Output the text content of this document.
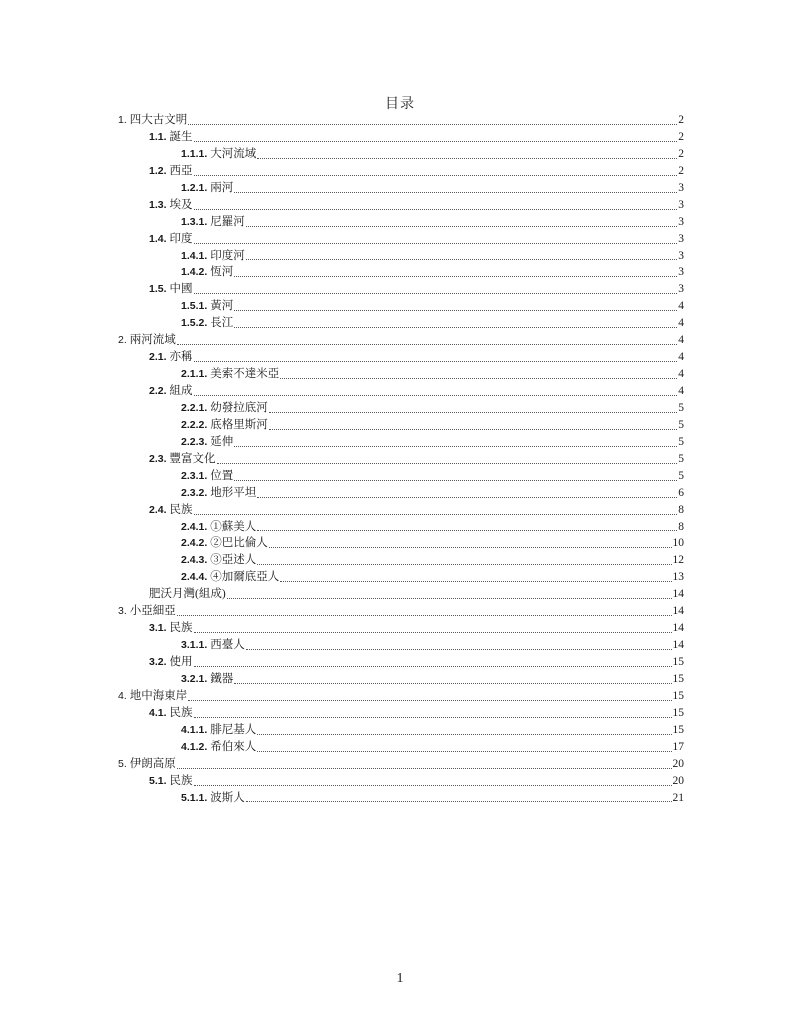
目录
1. 四大古文明	2
1.1. 誕生	2
1.1.1. 大河流域	2
1.2. 西亞	2
1.2.1. 兩河	3
1.3. 埃及	3
1.3.1. 尼羅河	3
1.4. 印度	3
1.4.1. 印度河	3
1.4.2. 恆河	3
1.5. 中國	3
1.5.1. 黃河	4
1.5.2. 長江	4
2. 兩河流域	4
2.1. 亦稱	4
2.1.1. 美索不達米亞	4
2.2. 組成	4
2.2.1. 幼發拉底河	5
2.2.2. 底格里斯河	5
2.2.3. 延伸	5
2.3. 豐富文化	5
2.3.1. 位置	5
2.3.2. 地形平坦	6
2.4. 民族	8
2.4.1. ①蘇美人	8
2.4.2. ②巴比倫人	10
2.4.3. ③亞述人	12
2.4.4. ④加爾底亞人	13
肥沃月灣(組成)	14
3. 小亞細亞	14
3.1. 民族	14
3.1.1. 西臺人	14
3.2. 使用	15
3.2.1. 鐵器	15
4. 地中海東岸	15
4.1. 民族	15
4.1.1. 腓尼基人	15
4.1.2. 希伯來人	17
5. 伊朗高原	20
5.1. 民族	20
5.1.1. 波斯人	21
1
